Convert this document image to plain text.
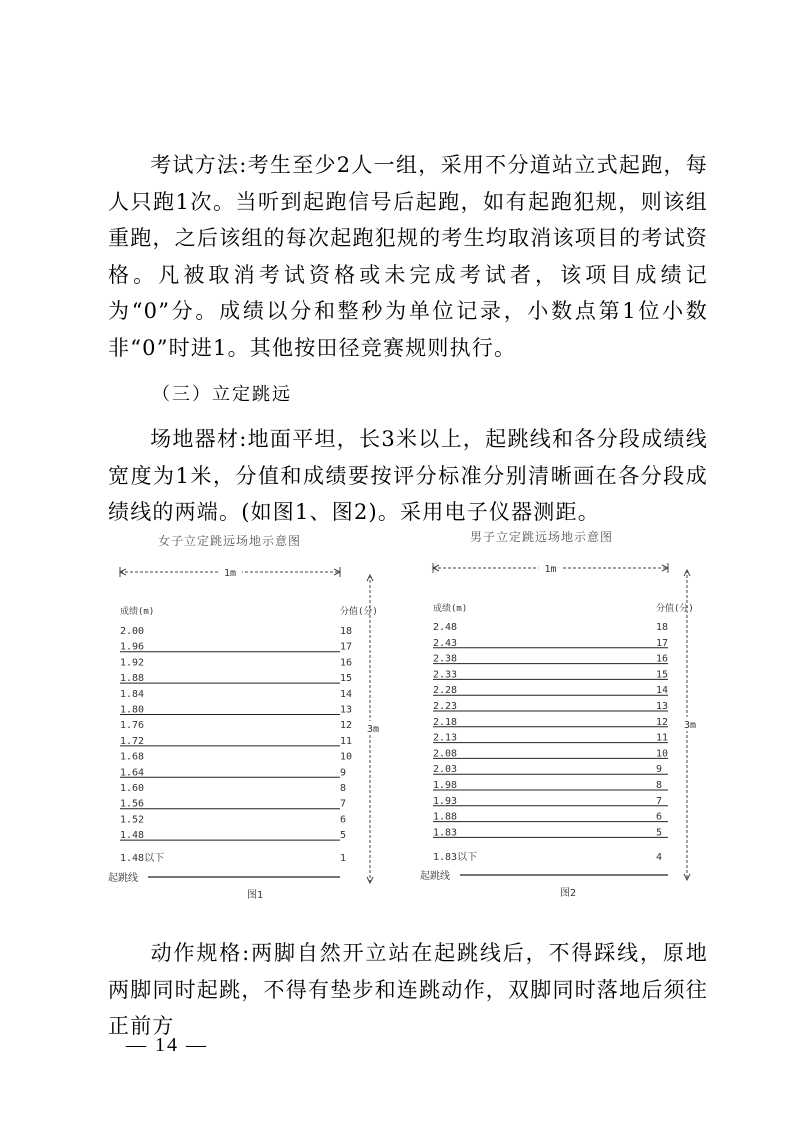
考试方法:考生至少2人一组，采用不分道站立式起跑，每人只跑1次。当听到起跑信号后起跑，如有起跑犯规，则该组重跑，之后该组的每次起跑犯规的考生均取消该项目的考试资格。凡被取消考试资格或未完成考试者，该项目成绩记为“0”分。成绩以分和整秒为单位记录，小数点第1位小数非“0”时进1。其他按田径竞赛规则执行。

（三）立定跳远

场地器材:地面平坦，长3米以上，起跳线和各分段成绩线宽度为1米，分值和成绩要按评分标准分别清晰画在各分段成绩线的两端。(如图1、图2)。采用电子仪器测距。

女子立定跳远场地示意图	男子立定跳远场地示意图
1m
成绩(m)	分值(分)
2.00	18
1.96	17
1.92	16
1.88	15
1.84	14
1.80	13
1.76	12
1.72	11
1.68	10
1.64	9
1.60	8
1.56	7
1.52	6
1.48	5
1.48以下	1
起跳线
3m
图1
1m
成绩(m)	分值(分)
2.48	18
2.43	17
2.38	16
2.33	15
2.28	14
2.23	13
2.18	12
2.13	11
2.08	10
2.03	9
1.98	8
1.93	7
1.88	6
1.83	5
1.83以下	4
起跳线
3m
图2

动作规格:两脚自然开立站在起跳线后，不得踩线，原地两脚同时起跳，不得有垫步和连跳动作，双脚同时落地后须往正前方

— 14 —
